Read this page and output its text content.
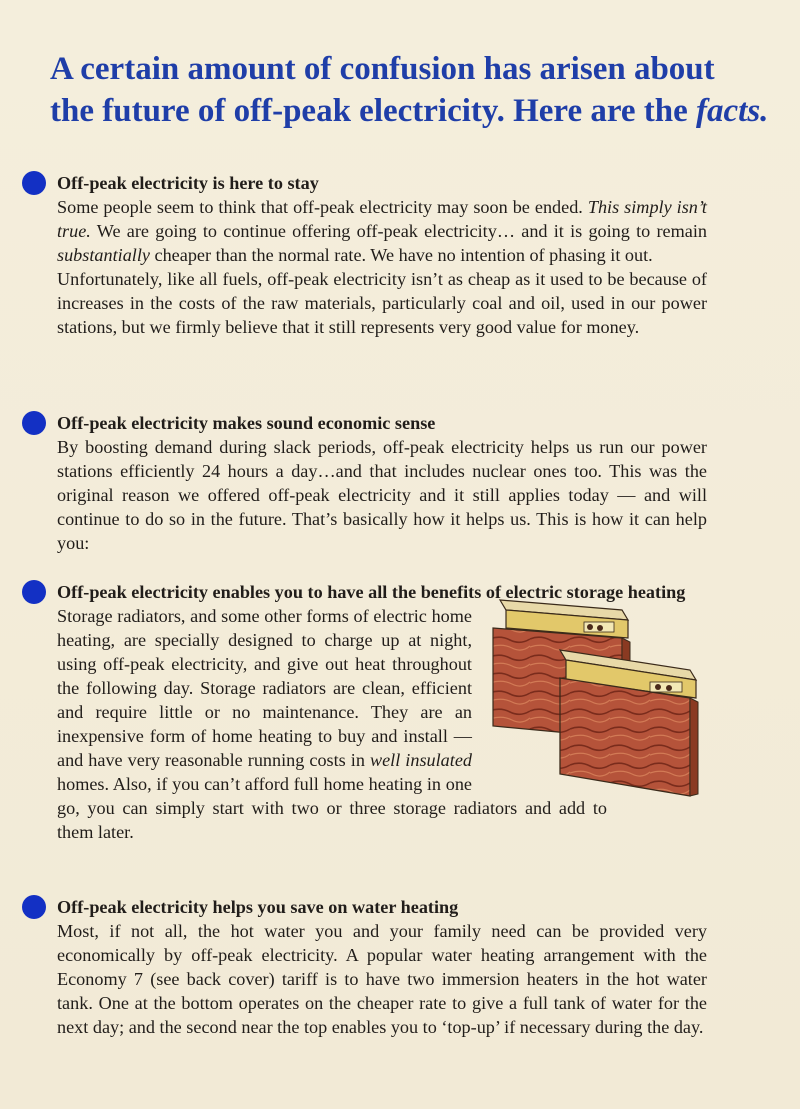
A certain amount of confusion has arisen about
the future of off-peak electricity. Here are the facts.

Off-peak electricity is here to stay

Some people seem to think that off-peak electricity may soon be ended. This simply isn’t true. We are going to continue offering off-peak electricity… and it is going to remain substantially cheaper than the normal rate. We have no intention of phasing it out.

Unfortunately, like all fuels, off-peak electricity isn’t as cheap as it used to be because of increases in the costs of the raw materials, particularly coal and oil, used in our power stations, but we firmly believe that it still represents very good value for money.

Off-peak electricity makes sound economic sense

By boosting demand during slack periods, off-peak electricity helps us run our power stations efficiently 24 hours a day…and that includes nuclear ones too. This was the original reason we offered off-peak electricity and it still applies today — and will continue to do so in the future. That’s basically how it helps us. This is how it can help you:

Off-peak electricity enables you to have all the benefits of electric storage heating

Storage radiators, and some other forms of electric home heating, are specially designed to charge up at night, using off-peak electricity, and give out heat throughout the following day. Storage radiators are clean, efficient and require little or no maintenance. They are an inexpensive form of home heating to buy and install — and have very reasonable running costs in well insulated homes. Also, if you can’t afford full home heating in one go, you can simply start with two or three storage radiators and add to them later.

Off-peak electricity helps you save on water heating

Most, if not all, the hot water you and your family need can be provided very economically by off-peak electricity. A popular water heating arrangement with the Economy 7 (see back cover) tariff is to have two immersion heaters in the hot water tank. One at the bottom operates on the cheaper rate to give a full tank of water for the next day; and the second near the top enables you to ‘top-up’ if necessary during the day.
